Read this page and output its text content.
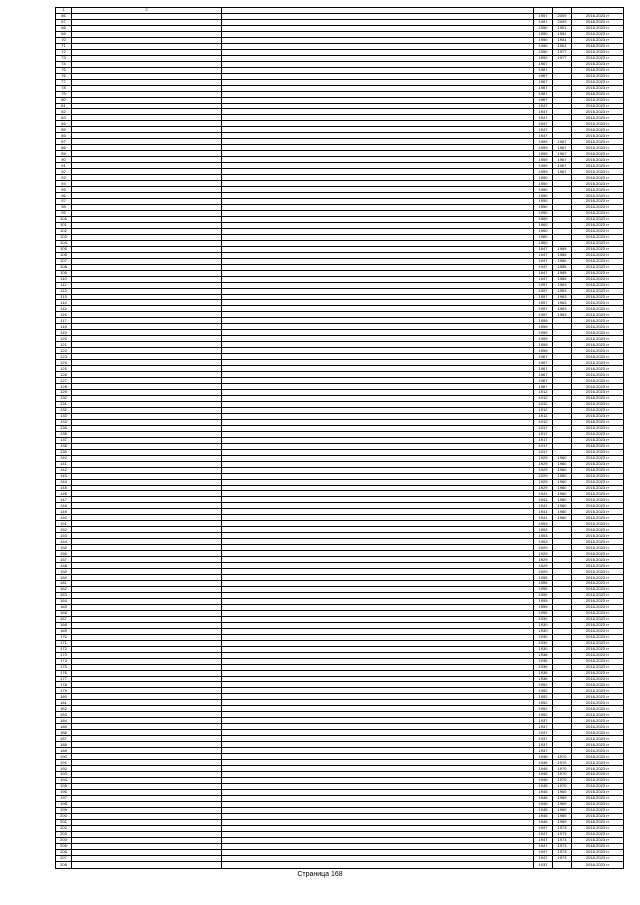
1	2				
66			1957	2009	2016-2023 гг
67			1957	2009	2016-2023 гг
68			1950	1951	2016-2023 гг
69			1950	1951	2016-2023 гг
70			1950	1951	2016-2023 гг
71			1950	1951	2016-2023 гг
72			1950	1977	2016-2023 гг
73			1950	1977	2016-2023 гг
74			1967		2016-2023 гг
75			1967		2016-2023 гг
76			1967		2016-2023 гг
77			1967		2016-2023 гг
78			1967		2016-2023 гг
79			1967		2016-2023 гг
80			1967		2016-2023 гг
81			1947		2016-2023 гг
82			1947		2016-2023 гг
83			1947		2016-2023 гг
84			1947		2016-2023 гг
85			1947		2016-2023 гг
86			1947		2016-2023 гг
87			1959	1967	2016-2023 гг
88			1959	1967	2016-2023 гг
89			1959	1967	2016-2023 гг
90			1959	1967	2016-2023 гг
91			1959	1967	2016-2023 гг
92			1959	1967	2016-2023 гг
93			1950		2016-2023 гг
94			1950		2016-2023 гг
95			1950		2016-2023 гг
96			1950		2016-2023 гг
97			1950		2016-2023 гг
98			1950		2016-2023 гг
99			1950		2016-2023 гг
100			1960		2016-2023 гг
101			1960		2016-2023 гг
102			1960		2016-2023 гг
103			1960		2016-2023 гг
104			1960		2016-2023 гг
105			1947	1985	2016-2023 гг
106			1947	1985	2016-2023 гг
107			1947	1985	2016-2023 гг
108			1947	1985	2016-2023 гг
109			1947	1985	2016-2023 гг
110			1947	1985	2016-2023 гг
111			1957	1963	2016-2023 гг
112			1957	1963	2016-2023 гг
113			1957	1963	2016-2023 гг
114			1957	1963	2016-2023 гг
115			1957	1963	2016-2023 гг
116			1957	1963	2016-2023 гг
117			1959		2016-2023 гг
118			1959		2016-2023 гг
119			1959		2016-2023 гг
120			1959		2016-2023 гг
121			1959		2016-2023 гг
122			1959		2016-2023 гг
123			1967		2016-2023 гг
124			1967		2016-2023 гг
125			1967		2016-2023 гг
126			1967		2016-2023 гг
127			1967		2016-2023 гг
128			1967		2016-2023 гг
129			1912		2016-2023 гг
130			1912		2016-2023 гг
131			1912		2016-2023 гг
132			1912		2016-2023 гг
133			1912		2016-2023 гг
134			1912		2016-2023 гг
135			1917		2016-2023 гг
136			1917		2016-2023 гг
137			1917		2016-2023 гг
138			1917		2016-2023 гг
139			1917		2016-2023 гг
140			1929	1980	2016-2023 гг
141			1929	1980	2016-2023 гг
142			1929	1980	2016-2023 гг
143			1929	1980	2016-2023 гг
144			1929	1980	2016-2023 гг
145			1929	1980	2016-2023 гг
146			1941	1980	2016-2023 гг
147			1941	1980	2016-2023 гг
148			1941	1980	2016-2023 гг
149			1941	1980	2016-2023 гг
150			1941	1980	2016-2023 гг
151			1953		2016-2023 гг
152			1953		2016-2023 гг
153			1953		2016-2023 гг
154			1953		2016-2023 гг
155			1929		2016-2023 гг
156			1929		2016-2023 гг
157			1929		2016-2023 гг
158			1929		2016-2023 гг
159			1929		2016-2023 гг
160			1955		2016-2023 гг
161			1955		2016-2023 гг
162			1955		2016-2023 гг
163			1955		2016-2023 гг
164			1955		2016-2023 гг
165			1955		2016-2023 гг
166			1955		2016-2023 гг
167			1930		2016-2023 гг
168			1930		2016-2023 гг
169			1930		2016-2023 гг
170			1930		2016-2023 гг
171			1930		2016-2023 гг
172			1930		2016-2023 гг
173			1936		2016-2023 гг
174			1936		2016-2023 гг
175			1936		2016-2023 гг
176			1936		2016-2023 гг
177			1936		2016-2023 гг
178			1952		2016-2023 гг
179			1952		2016-2023 гг
180			1952		2016-2023 гг
181			1952		2016-2023 гг
182			1952		2016-2023 гг
183			1952		2016-2023 гг
184			1937		2016-2023 гг
185			1937		2016-2023 гг
186			1937		2016-2023 гг
187			1937		2016-2023 гг
188			1937		2016-2023 гг
189			1937		2016-2023 гг
190			1946	1970	2016-2023 гг
191			1946	1970	2016-2023 гг
192			1946	1970	2016-2023 гг
193			1946	1970	2016-2023 гг
194			1946	1970	2016-2023 гг
195			1946	1970	2016-2023 гг
196			1946	1969	2016-2023 гг
197			1946	1969	2016-2023 гг
198			1946	1969	2016-2023 гг
199			1946	1969	2016-2023 гг
200			1946	1969	2016-2023 гг
201			1946	1969	2016-2023 гг
202			1947	1973	2016-2023 гг
203			1947	1973	2016-2023 гг
204			1947	1973	2016-2023 гг
205			1947	1973	2016-2023 гг
206			1947	1973	2016-2023 гг
207			1947	1973	2016-2023 гг
208			1937		2016-2023 гг
Страница 168
